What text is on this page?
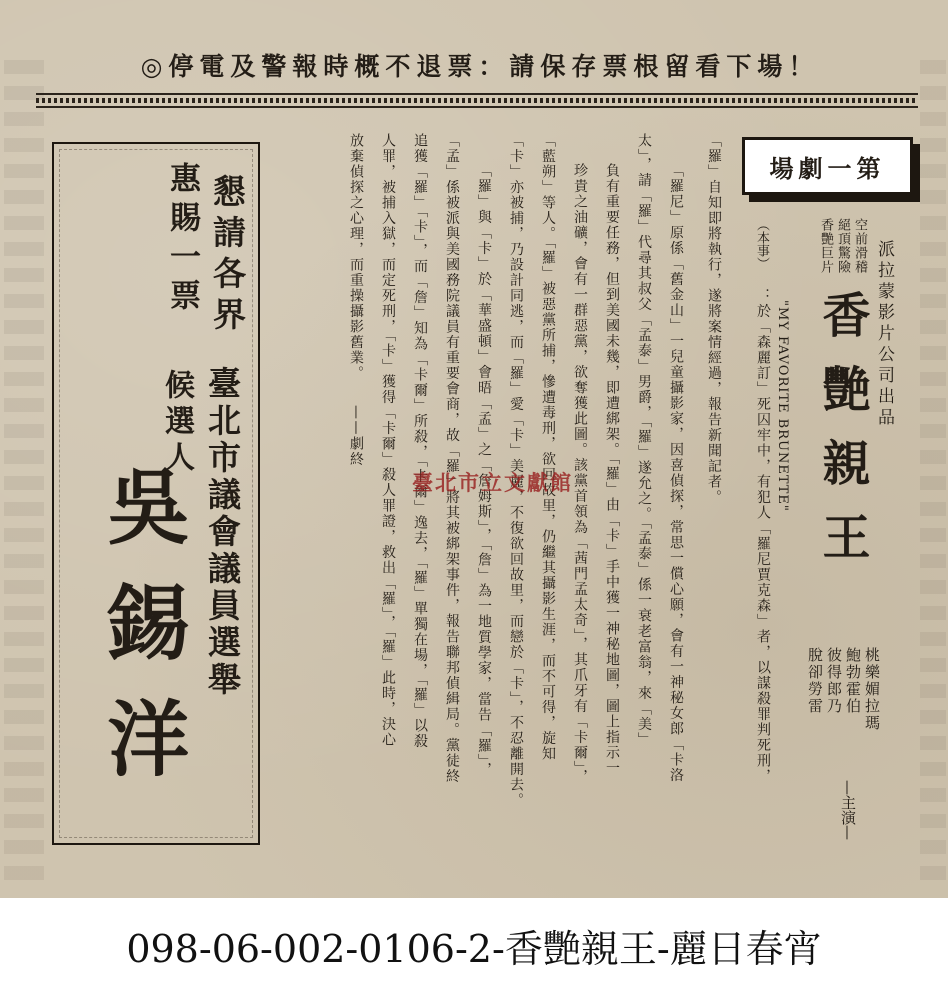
◎停電及警報時概不退票：請保存票根留看下場！
第一劇場
派拉蒙影片公司出品
空前滑稽
絕頂驚險
香艷巨片
香艷親王
"MY FAVORITE BRUNETTE"
桃樂媚拉瑪
鮑勃霍伯
彼得郎乃
脫卻勞雷
—主演—
（本事）
：於「森麗訂」死囚牢中，有犯人「羅尼賈克森」者，以謀殺罪判死刑，
「羅」自知即將執行，遂將案情經過，報告新聞記者。
「羅尼」原係「舊金山」一兒童攝影家，因喜偵探，常思一償心願，會有一神秘女郎「卡洛
太」，請「羅」代尋其叔父「孟泰」男爵，「羅」遂允之。「孟泰」係一衰老富翁，來「美」
負有重要任務，但到美國未幾，即遭綁架。「羅」由「卡」手中獲一神秘地圖，圖上指示一
珍貴之油礦，會有一群惡黨，欲奪獲此圖。該黨首領為「茜門孟太奇」，其爪牙有「卡爾」，
「藍朔」等人。「羅」被惡黨所捕，慘遭毒刑，欲回故里，仍繼其攝影生涯，而不可得，旋知
「卡」亦被捕，乃設計同逃，而「羅」愛「卡」美麗，不復欲回故里，而戀於「卡」，不忍離開去。
「羅」與「卡」於「華盛頓」會晤「孟」之「詹姆斯」，「詹」為一地質學家，當告「羅」，
「孟」係被派與美國務院議員有重要會商，故「羅」將其被綁架事件，報告聯邦偵緝局。黨徒終
追獲「羅」「卡」，而「詹」知為「卡爾」所殺，「卡爾」逸去，「羅」單獨在場，「羅」以殺
人罪，被捕入獄，而定死刑，「卡」獲得「卡爾」殺人罪證，救出「羅」，「羅」此時，決心
放棄偵探之心理，而重操攝影舊業。　　——劇終
懇請各界
惠賜一票
臺北市議會議員選舉
候選人
吳錫洋	臺北市立文獻館
098-06-002-0106-2-香艷親王-麗日春宵
